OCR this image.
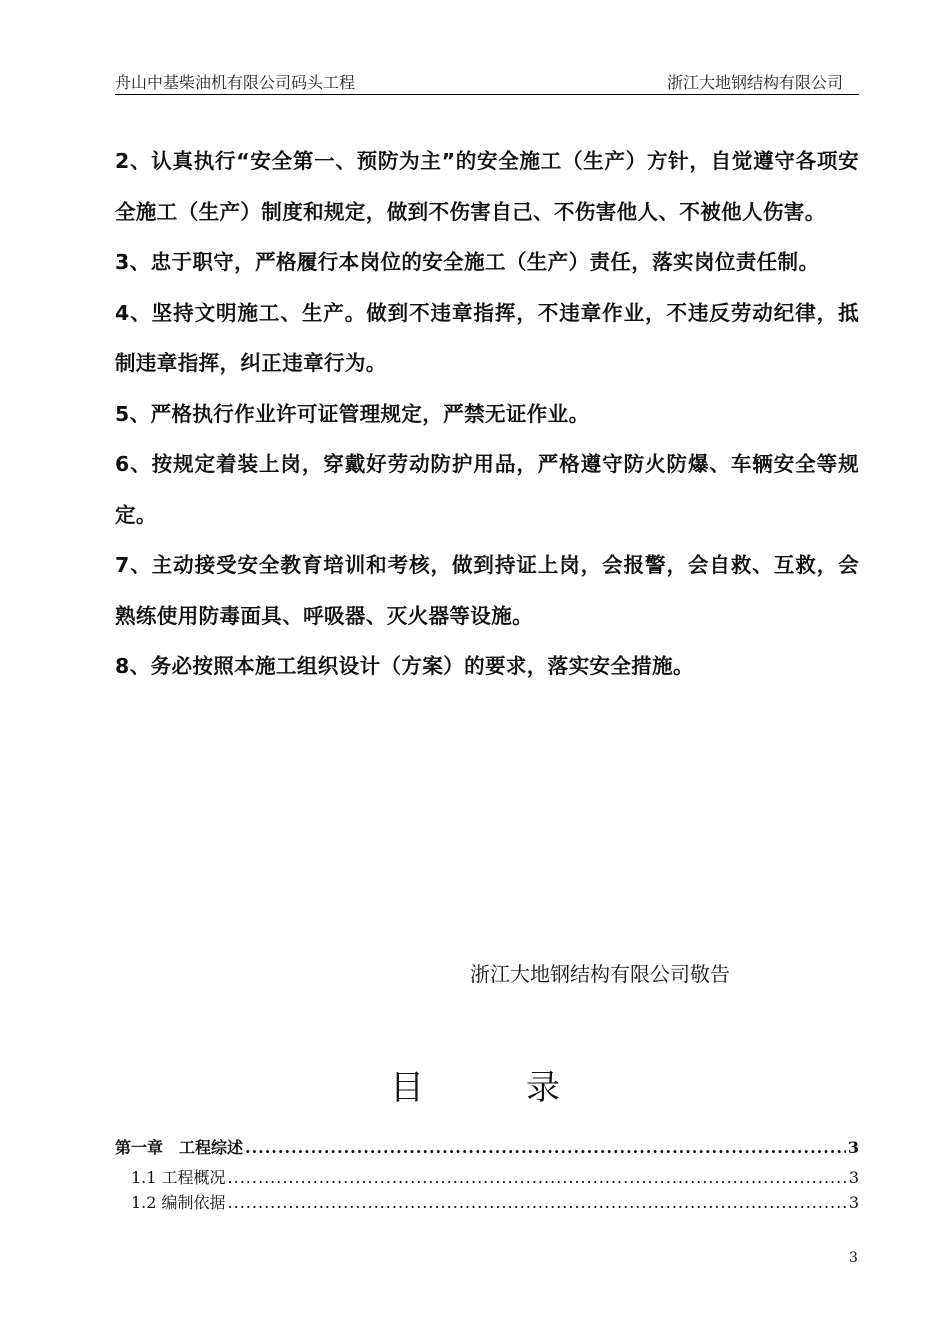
舟山中基柴油机有限公司码头工程	浙江大地钢结构有限公司

2、认真执行“安全第一、预防为主”的安全施工（生产）方针，自觉遵守各项安全施工（生产）制度和规定，做到不伤害自己、不伤害他人、不被他人伤害。

3、忠于职守，严格履行本岗位的安全施工（生产）责任，落实岗位责任制。

4、坚持文明施工、生产。做到不违章指挥，不违章作业，不违反劳动纪律，抵制违章指挥，纠正违章行为。

5、严格执行作业许可证管理规定，严禁无证作业。

6、按规定着装上岗，穿戴好劳动防护用品，严格遵守防火防爆、车辆安全等规定。

7、主动接受安全教育培训和考核，做到持证上岗，会报警，会自救、互救，会熟练使用防毒面具、呼吸器、灭火器等设施。

8、务必按照本施工组织设计（方案）的要求，落实安全措施。

浙江大地钢结构有限公司敬告
目　　　录
第一章　工程综述 .....	3
1.1 工程概况 .....	3
1.2 编制依据 .....	3
3
